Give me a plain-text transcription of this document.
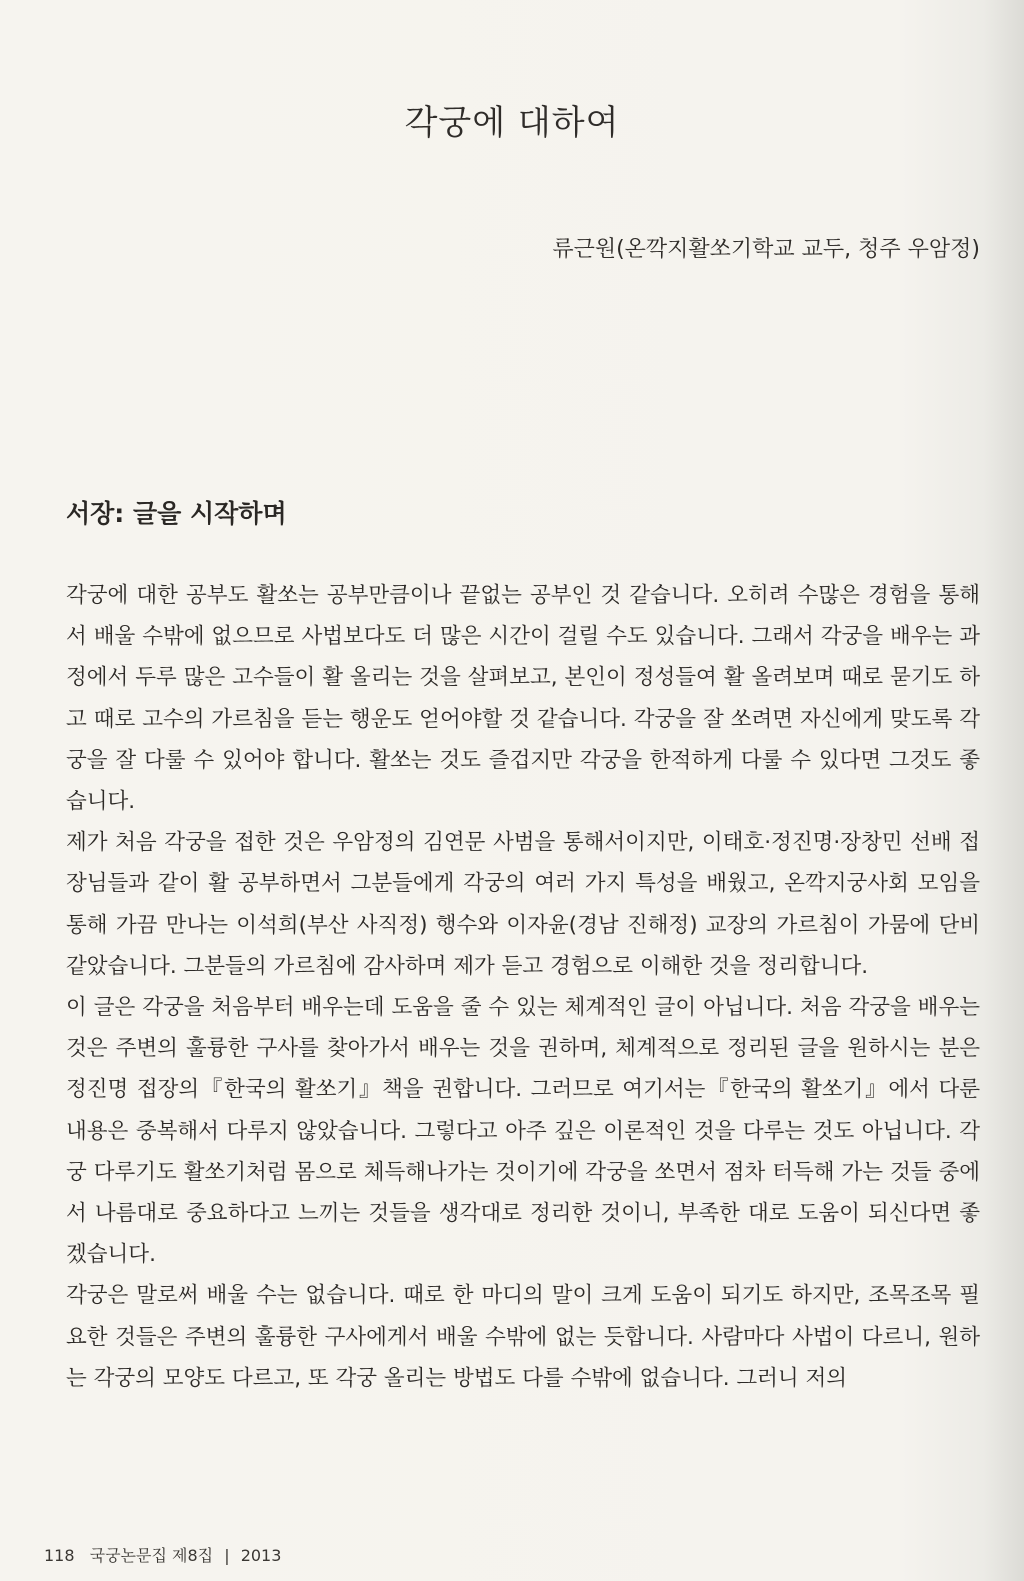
각궁에 대하여
류근원(온깍지활쏘기학교 교두, 청주 우암정)
서장: 글을 시작하며

각궁에 대한 공부도 활쏘는 공부만큼이나 끝없는 공부인 것 같습니다. 오히려 수많은 경험을 통해서 배울 수밖에 없으므로 사법보다도 더 많은 시간이 걸릴 수도 있습니다. 그래서 각궁을 배우는 과정에서 두루 많은 고수들이 활 올리는 것을 살펴보고, 본인이 정성들여 활 올려보며 때로 묻기도 하고 때로 고수의 가르침을 듣는 행운도 얻어야할 것 같습니다. 각궁을 잘 쏘려면 자신에게 맞도록 각궁을 잘 다룰 수 있어야 합니다. 활쏘는 것도 즐겁지만 각궁을 한적하게 다룰 수 있다면 그것도 좋습니다.

제가 처음 각궁을 접한 것은 우암정의 김연문 사범을 통해서이지만, 이태호·정진명·장창민 선배 접장님들과 같이 활 공부하면서 그분들에게 각궁의 여러 가지 특성을 배웠고, 온깍지궁사회 모임을 통해 가끔 만나는 이석희(부산 사직정) 행수와 이자윤(경남 진해정) 교장의 가르침이 가뭄에 단비 같았습니다. 그분들의 가르침에 감사하며 제가 듣고 경험으로 이해한 것을 정리합니다.

이 글은 각궁을 처음부터 배우는데 도움을 줄 수 있는 체계적인 글이 아닙니다. 처음 각궁을 배우는 것은 주변의 훌륭한 구사를 찾아가서 배우는 것을 권하며, 체계적으로 정리된 글을 원하시는 분은 정진명 접장의『한국의 활쏘기』책을 권합니다. 그러므로 여기서는『한국의 활쏘기』에서 다룬 내용은 중복해서 다루지 않았습니다. 그렇다고 아주 깊은 이론적인 것을 다루는 것도 아닙니다. 각궁 다루기도 활쏘기처럼 몸으로 체득해나가는 것이기에 각궁을 쏘면서 점차 터득해 가는 것들 중에서 나름대로 중요하다고 느끼는 것들을 생각대로 정리한 것이니, 부족한 대로 도움이 되신다면 좋겠습니다.

각궁은 말로써 배울 수는 없습니다. 때로 한 마디의 말이 크게 도움이 되기도 하지만, 조목조목 필요한 것들은 주변의 훌륭한 구사에게서 배울 수밖에 없는 듯합니다. 사람마다 사법이 다르니, 원하는 각궁의 모양도 다르고, 또 각궁 올리는 방법도 다를 수밖에 없습니다. 그러니 저의

118 국궁논문집 제8집 | 2013
